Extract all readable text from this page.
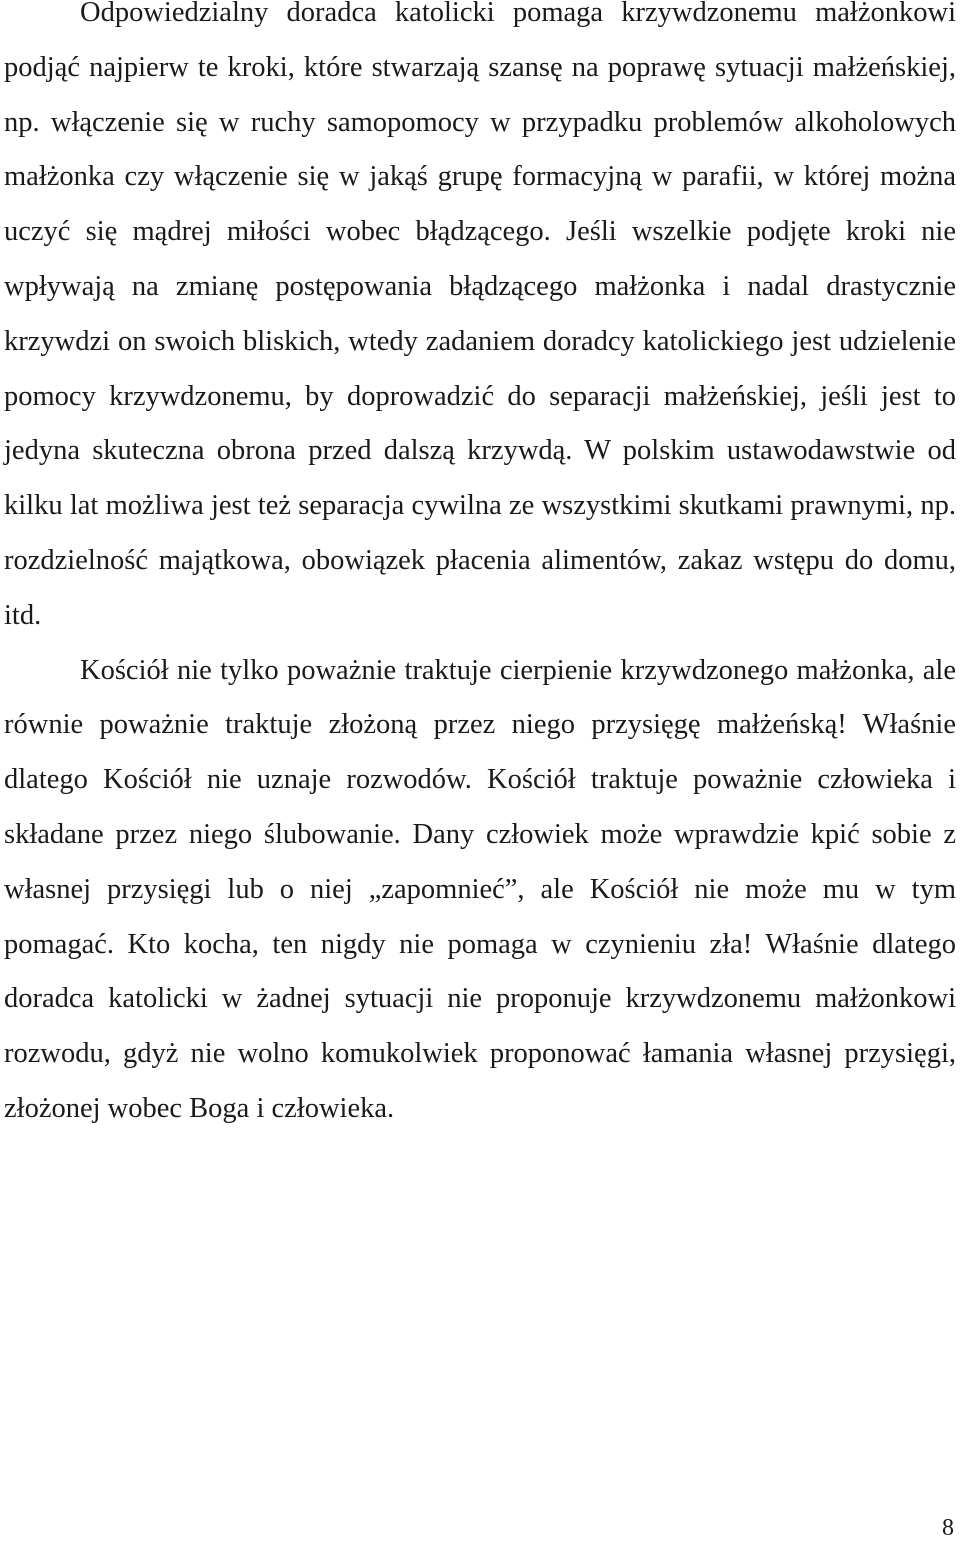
Odpowiedzialny doradca katolicki pomaga krzywdzonemu małżonkowi podjąć najpierw te kroki, które stwarzają szansę na poprawę sytuacji małżeńskiej, np. włączenie się w ruchy samopomocy w przypadku problemów alkoholowych małżonka czy włączenie się w jakąś grupę formacyjną w parafii, w której można uczyć się mądrej miłości wobec błądzącego. Jeśli wszelkie podjęte kroki nie wpływają na zmianę postępowania błądzącego małżonka i nadal drastycznie krzywdzi on swoich bliskich, wtedy zadaniem doradcy katolickiego jest udzielenie pomocy krzywdzonemu, by doprowadzić do separacji małżeńskiej, jeśli jest to jedyna skuteczna obrona przed dalszą krzywdą. W polskim ustawodawstwie od kilku lat możliwa jest też separacja cywilna ze wszystkimi skutkami prawnymi, np. rozdzielność majątkowa, obowiązek płacenia alimentów, zakaz wstępu do domu, itd.

Kościół nie tylko poważnie traktuje cierpienie krzywdzonego małżonka, ale równie poważnie traktuje złożoną przez niego przysięgę małżeńską! Właśnie dlatego Kościół nie uznaje rozwodów. Kościół traktuje poważnie człowieka i składane przez niego ślubowanie. Dany człowiek może wprawdzie kpić sobie z własnej przysięgi lub o niej „zapomnieć”, ale Kościół nie może mu w tym pomagać. Kto kocha, ten nigdy nie pomaga w czynieniu zła! Właśnie dlatego doradca katolicki w żadnej sytuacji nie proponuje krzywdzonemu małżonkowi rozwodu, gdyż nie wolno komukolwiek proponować łamania własnej przysięgi, złożonej wobec Boga i człowieka.

8
